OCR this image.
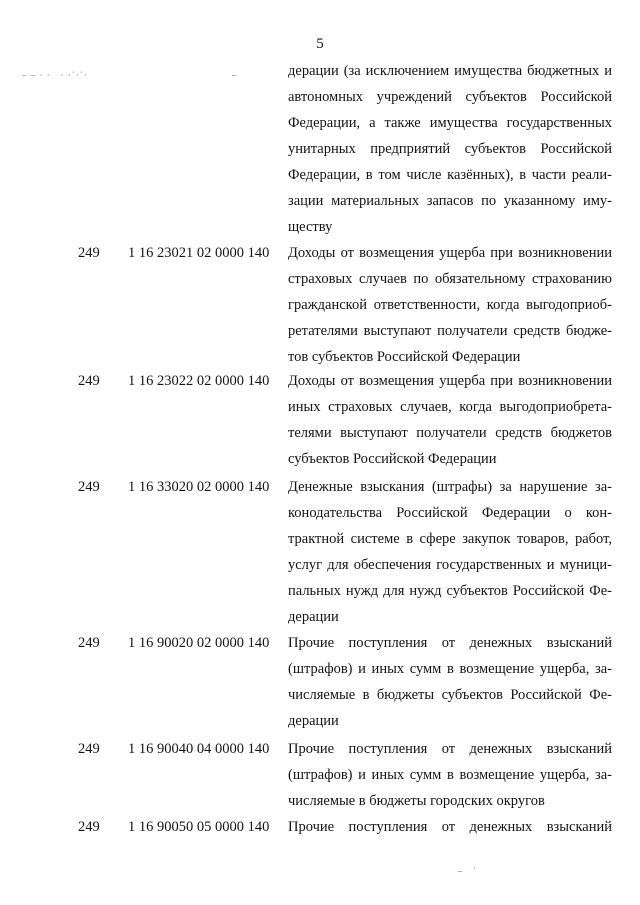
5
‒ ‒ · ·   · ·˙·˙·	–	дерации (за исключением имущества бюджетных и
автономных учреждений субъектов Российской
Федерации, а также имущества государственных
унитарных предприятий субъектов Российской
Федерации, в том числе казённых), в части реали-
зации материальных запасов по указанному иму-
ществу
249 1 16 23021 02 0000 140 Доходы от возмещения ущерба при возникновении
страховых случаев по обязательному страхованию
гражданской ответственности, когда выгодоприоб-
ретателями выступают получатели средств бюдже-
тов субъектов Российской Федерации
249 1 16 23022 02 0000 140 Доходы от возмещения ущерба при возникновении
иных страховых случаев, когда выгодоприобрета-
телями выступают получатели средств бюджетов
субъектов Российской Федерации
249 1 16 33020 02 0000 140 Денежные взыскания (штрафы) за нарушение за-
конодательства Российской Федерации о кон-
трактной системе в сфере закупок товаров, работ,
услуг для обеспечения государственных и муници-
пальных нужд для нужд субъектов Российской Фе-
дерации
249 1 16 90020 02 0000 140 Прочие поступления от денежных взысканий
(штрафов) и иных сумм в возмещение ущерба, за-
числяемые в бюджеты субъектов Российской Фе-
дерации
249 1 16 90040 04 0000 140 Прочие поступления от денежных взысканий
(штрафов) и иных сумм в возмещение ущерба, за-
числяемые в бюджеты городских округов
249 1 16 90050 05 0000 140 Прочие поступления от денежных взысканий
‒   ˙
